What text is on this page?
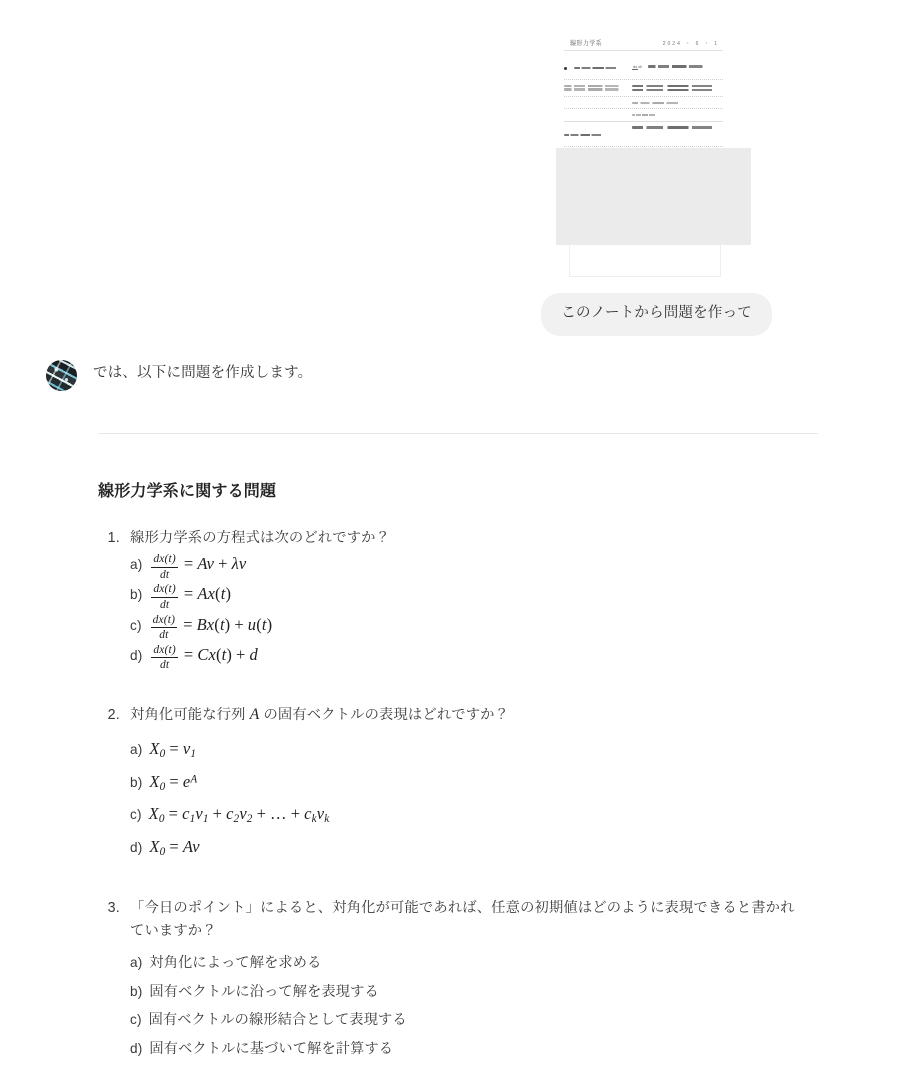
線形力学系	2024 ・ 6 ・ 1

dxdt
このノートから問題を作って
では、以下に問題を作成します。
線形力学系に関する問題
1. 線形力学系の方程式は次のどれですか？
$a) \frac{dx(t)}{dt} = Av + \lambda v$
$b) \frac{dx(t)}{dt} = Ax(t)$
$c) \frac{dx(t)}{dt} = Bx(t) + u(t)$
$d) \frac{dx(t)}{dt} = Cx(t) + d$
2. 対角化可能な行列 A の固有ベクトルの表現はどれですか？
a) $X_0 = v_1$
b) $X_0 = e^A$
c) $X_0 = c_1v_1 + c_2v_2$ + … + $c_kv_k$
d) $X_0 = Av$
3. 「今日のポイント」によると、対角化が可能であれば、任意の初期値はどのように表現できると書かれていますか？
a) 対角化によって解を求める
b) 固有ベクトルに沿って解を表現する
c) 固有ベクトルの線形結合として表現する
d) 固有ベクトルに基づいて解を計算する
